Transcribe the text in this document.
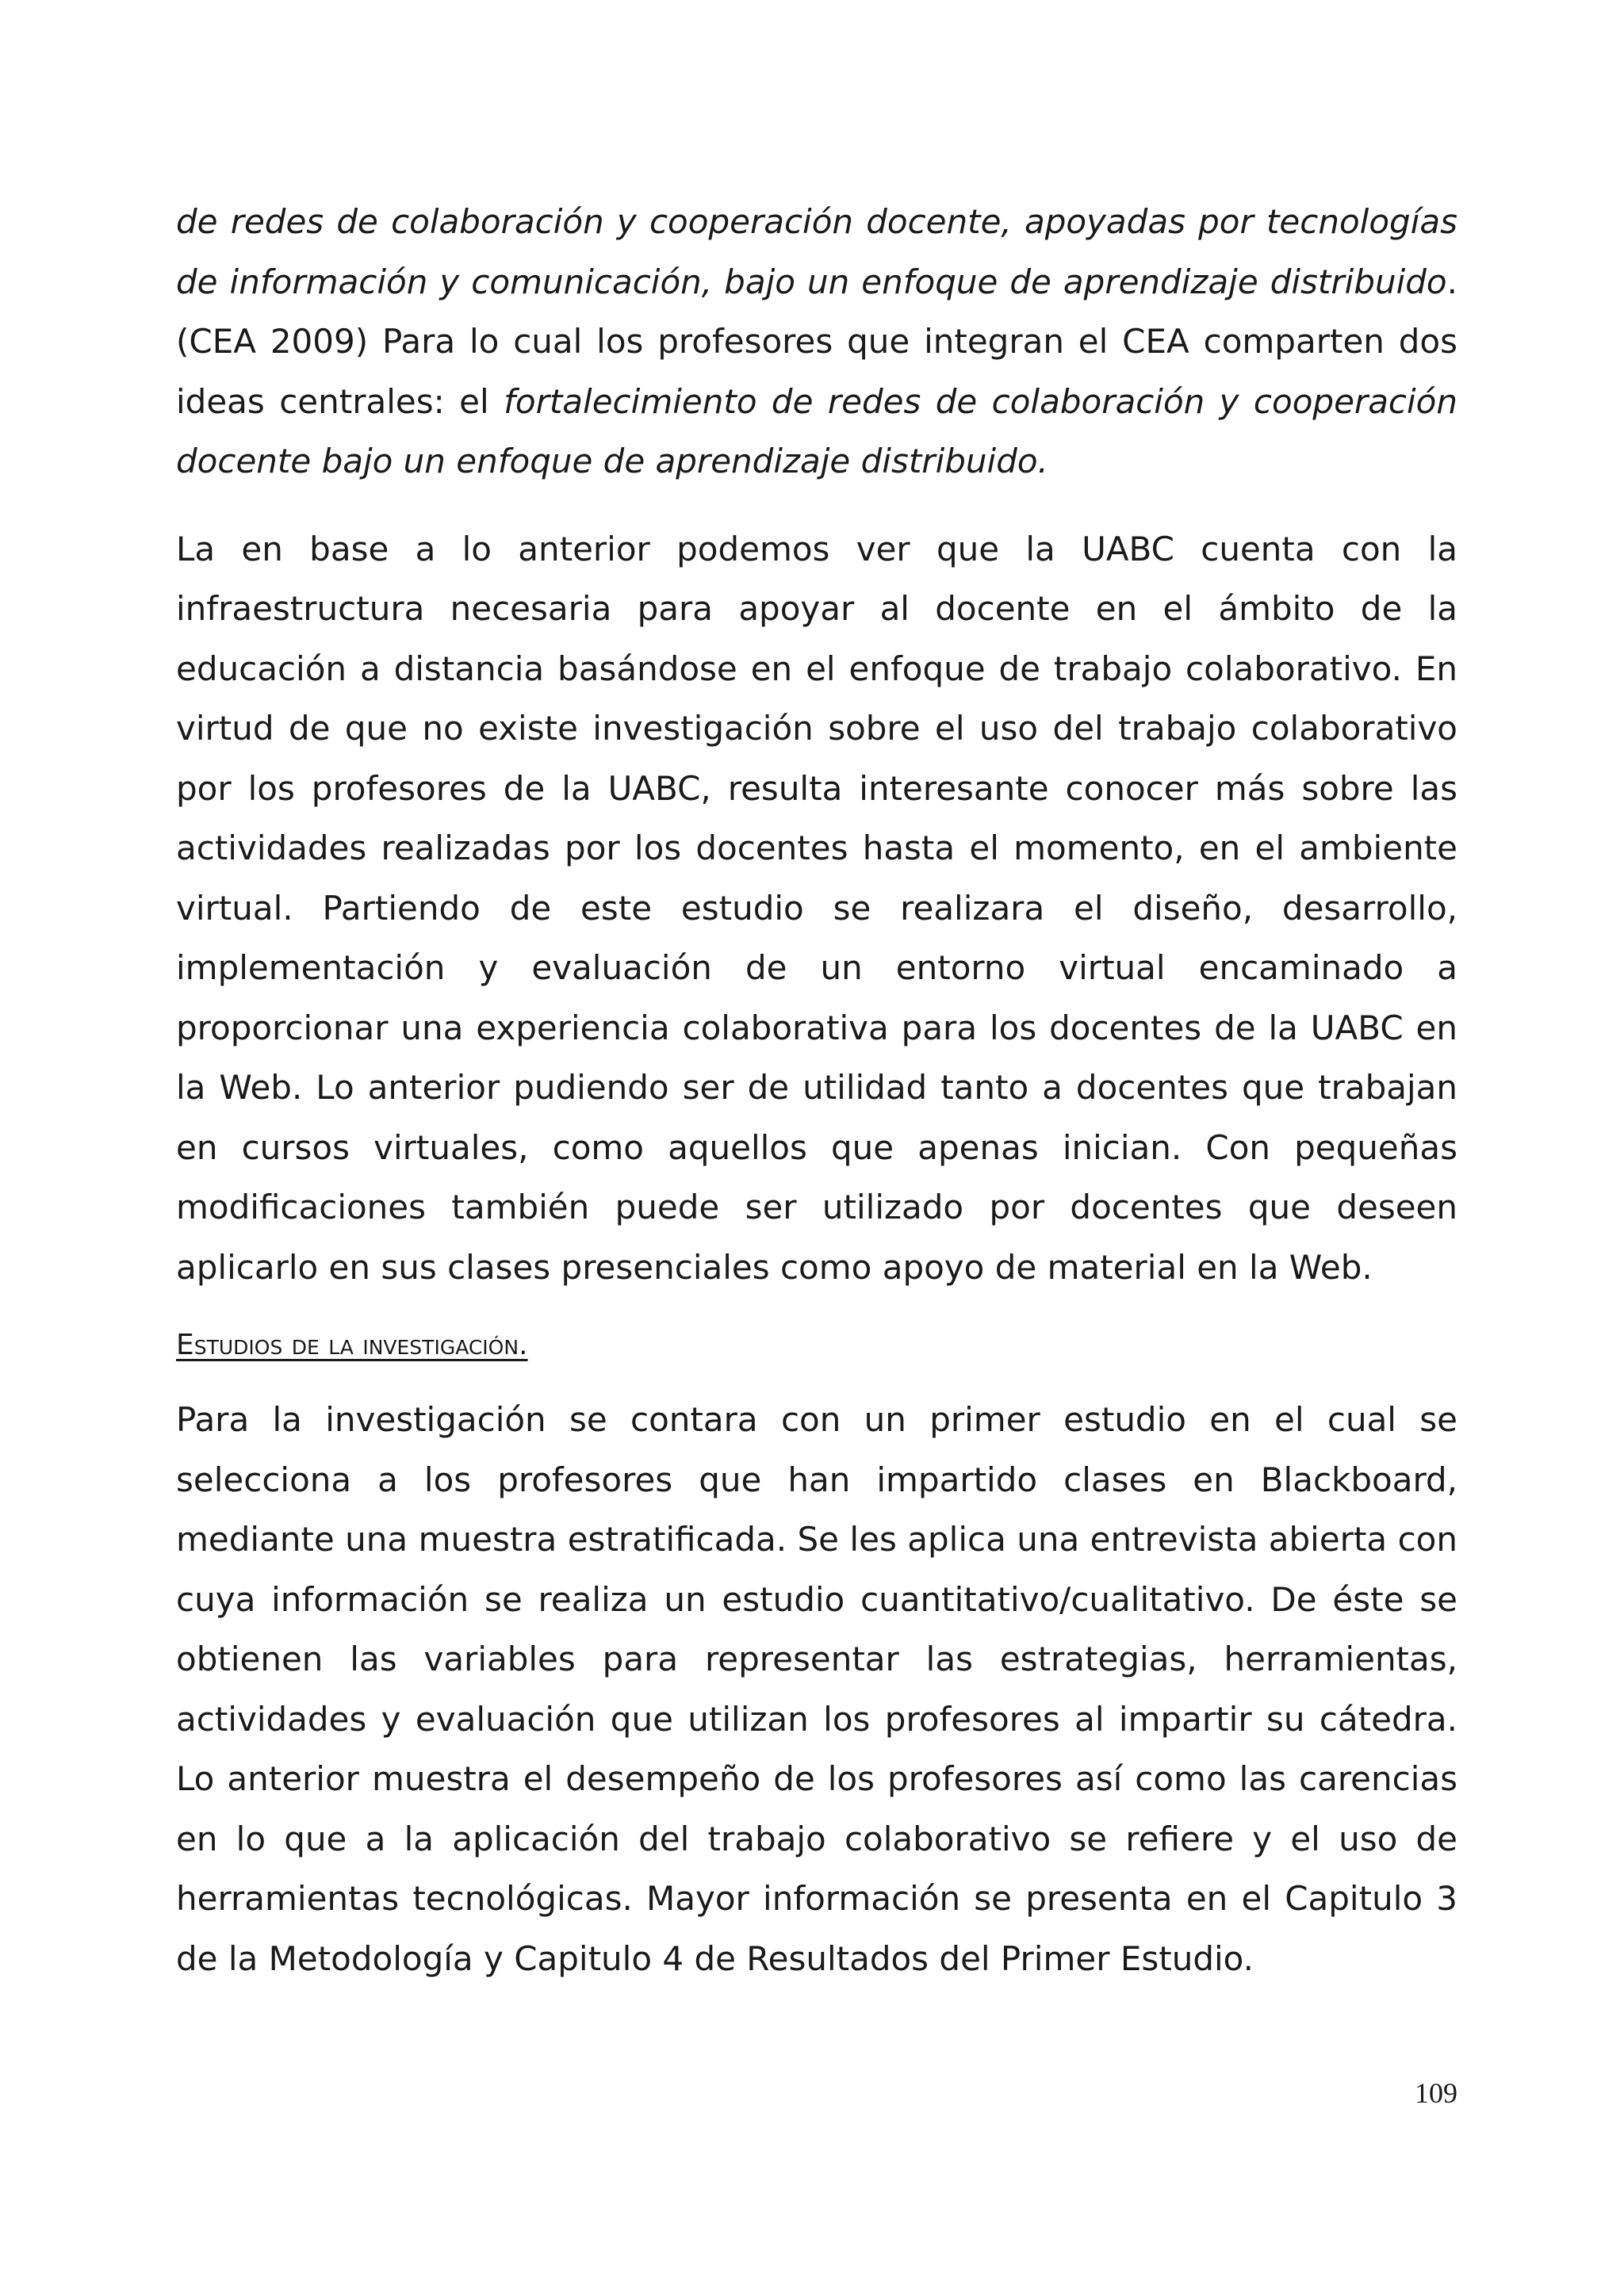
de redes de colaboración y cooperación docente, apoyadas por tecnologías de información y comunicación, bajo un enfoque de aprendizaje distribuido. (CEA 2009) Para lo cual los profesores que integran el CEA comparten dos ideas centrales: el fortalecimiento de redes de colaboración y cooperación docente bajo un enfoque de aprendizaje distribuido.

La en base a lo anterior podemos ver que la UABC cuenta con la infraestructura necesaria para apoyar al docente en el ámbito de la educación a distancia basándose en el enfoque de trabajo colaborativo. En virtud de que no existe investigación sobre el uso del trabajo colaborativo por los profesores de la UABC, resulta interesante conocer más sobre las actividades realizadas por los docentes hasta el momento, en el ambiente virtual. Partiendo de este estudio se realizara el diseño, desarrollo, implementación y evaluación de un entorno virtual encaminado a proporcionar una experiencia colaborativa para los docentes de la UABC en la Web. Lo anterior pudiendo ser de utilidad tanto a docentes que trabajan en cursos virtuales, como aquellos que apenas inician. Con pequeñas modificaciones también puede ser utilizado por docentes que deseen aplicarlo en sus clases presenciales como apoyo de material en la Web.

Estudios de la investigación.

Para la investigación se contara con un primer estudio en el cual se selecciona a los profesores que han impartido clases en Blackboard, mediante una muestra estratificada. Se les aplica una entrevista abierta con cuya información se realiza un estudio cuantitativo/cualitativo. De éste se obtienen las variables para representar las estrategias, herramientas, actividades y evaluación que utilizan los profesores al impartir su cátedra. Lo anterior muestra el desempeño de los profesores así como las carencias en lo que a la aplicación del trabajo colaborativo se refiere y el uso de herramientas tecnológicas. Mayor información se presenta en el Capitulo 3 de la Metodología y Capitulo 4 de Resultados del Primer Estudio.

109
